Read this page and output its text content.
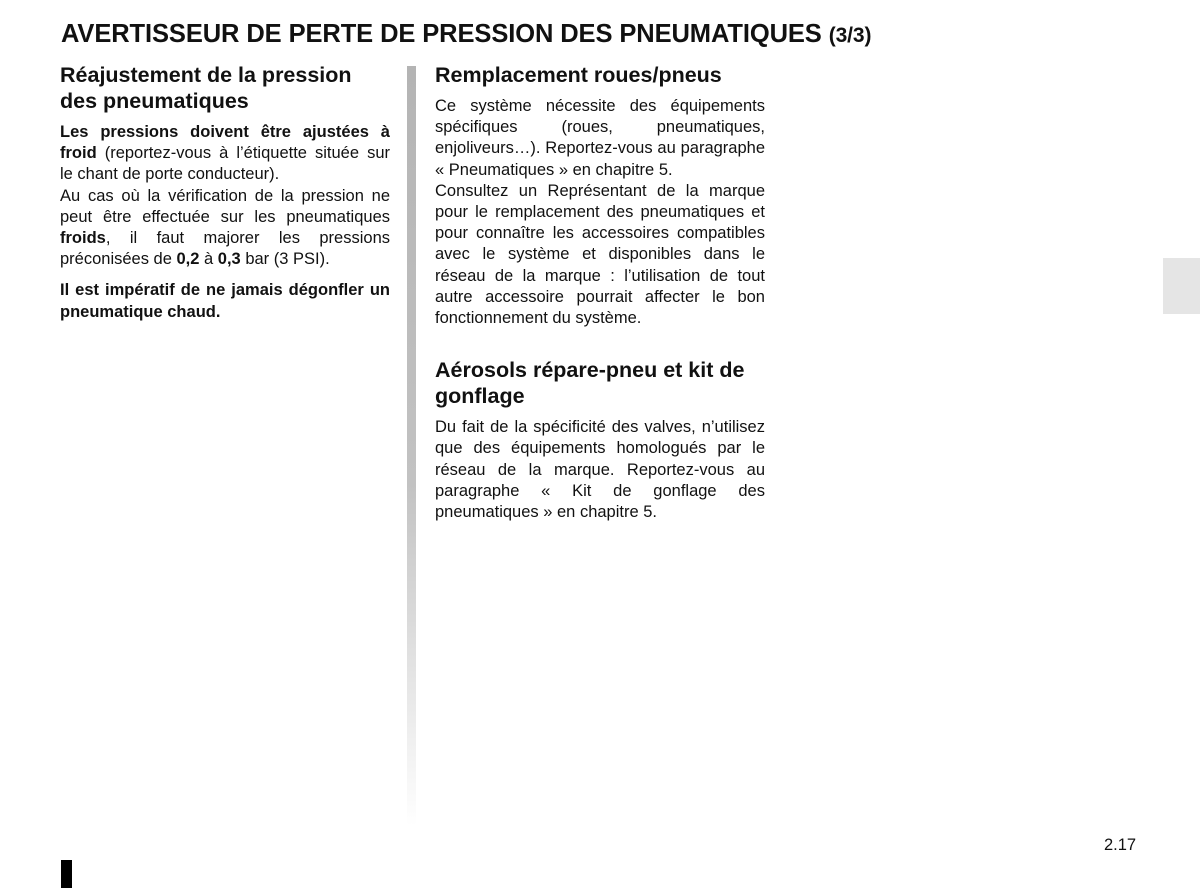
AVERTISSEUR DE PERTE DE PRESSION DES PNEUMATIQUES (3/3)
Réajustement de la pression des pneumatiques

Les pressions doivent être ajustées à froid (reportez-vous à l’étiquette située sur le chant de porte conducteur).

Au cas où la vérification de la pression ne peut être effectuée sur les pneumatiques froids, il faut majorer les pressions préconisées de 0,2 à 0,3 bar (3 PSI).

Il est impératif de ne jamais dégonfler un pneumatique chaud.

Remplacement roues/pneus

Ce système nécessite des équipements spécifiques (roues, pneumatiques, enjoliveurs…). Reportez-vous au paragraphe « Pneumatiques » en chapitre 5.

Consultez un Représentant de la marque pour le remplacement des pneumatiques et pour connaître les accessoires compatibles avec le système et disponibles dans le réseau de la marque : l’utilisation de tout autre accessoire pourrait affecter le bon fonctionnement du système.

Aérosols répare-pneu et kit de gonflage

Du fait de la spécificité des valves, n’utilisez que des équipements homologués par le réseau de la marque. Reportez-vous au paragraphe « Kit de gonflage des pneumatiques » en chapitre 5.

2.17
